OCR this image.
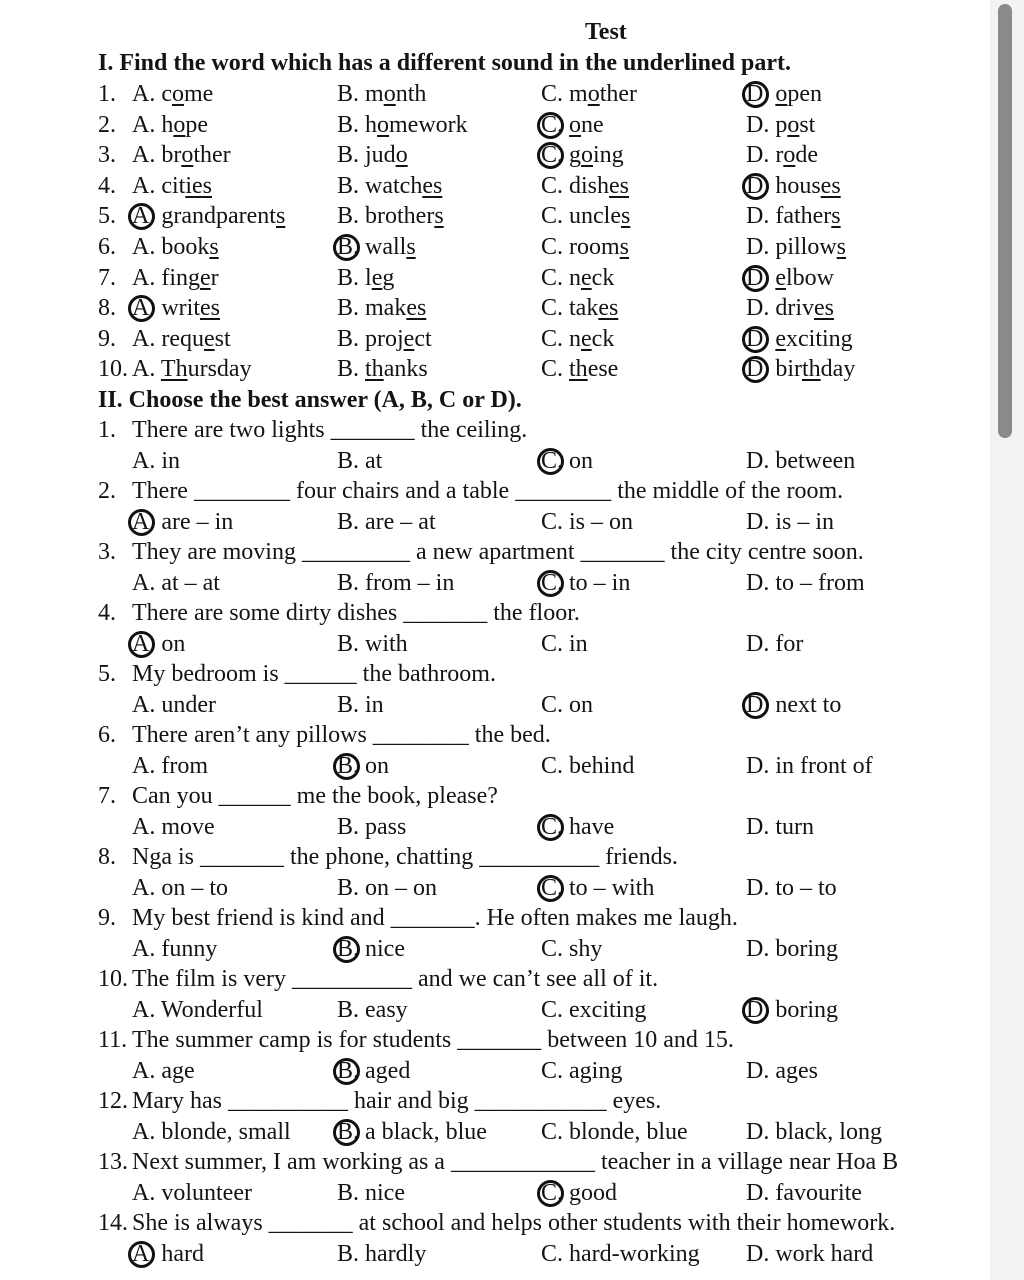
Test
I. Find the word which has a different sound in the underlined part.
1. A. come	B. month	C. mother	D. open
2. A. hope	B. homework	C. one	D. post
3. A. brother	B. judo	C. going	D. rode
4. A. cities	B. watches	C. dishes	D. houses
5. A. grandparents B. brothers	C. uncles	D. fathers
6. A. books	B. walls	C. rooms	D. pillows
7. A. finger	B. leg	C. neck	D. elbow
8. A. writes	B. makes	C. takes	D. drives
9. A. request	B. project	C. neck	D. exciting
10. A. Thursday	B. thanks	C. these	D. birthday
II. Choose the best answer (A, B, C or D).
1. There are two lights _______ the ceiling.
A. in	B. at	C. on	D. between
2. There ________ four chairs and a table ________ the middle of the room.
A. are – in	B. are – at	C. is – on	D. is – in
3. They are moving _________ a new apartment _______ the city centre soon.
A. at – at	B. from – in	C. to – in	D. to – from
4. There are some dirty dishes _______ the floor.
A. on	B. with	C. in	D. for
5. My bedroom is ______ the bathroom.
A. under	B. in	C. on	D. next to
6. There aren’t any pillows ________ the bed.
A. from	B. on	C. behind	D. in front of
7. Can you ______ me the book, please?
A. move	B. pass	C. have	D. turn
8. Nga is _______ the phone, chatting __________ friends.
A. on – to	B. on – on	C. to – with	D. to – to
9. My best friend is kind and _______. He often makes me laugh.
A. funny	B. nice	C. shy	D. boring
10. The film is very __________ and we can’t see all of it.
A. Wonderful	B. easy	C. exciting	D. boring
11. The summer camp is for students _______ between 10 and 15.
A. age	B. aged	C. aging	D. ages
12. Mary has __________ hair and big ___________ eyes.
A. blonde, small B. a black, blue C. blonde, blue D. black, long
13. Next summer, I am working as a ____________ teacher in a village near Hoa B
A. volunteer	B. nice	C. good	D. favourite
14. She is always _______ at school and helps other students with their homework.
A. hard	B. hardly	C. hard-working D. work hard
